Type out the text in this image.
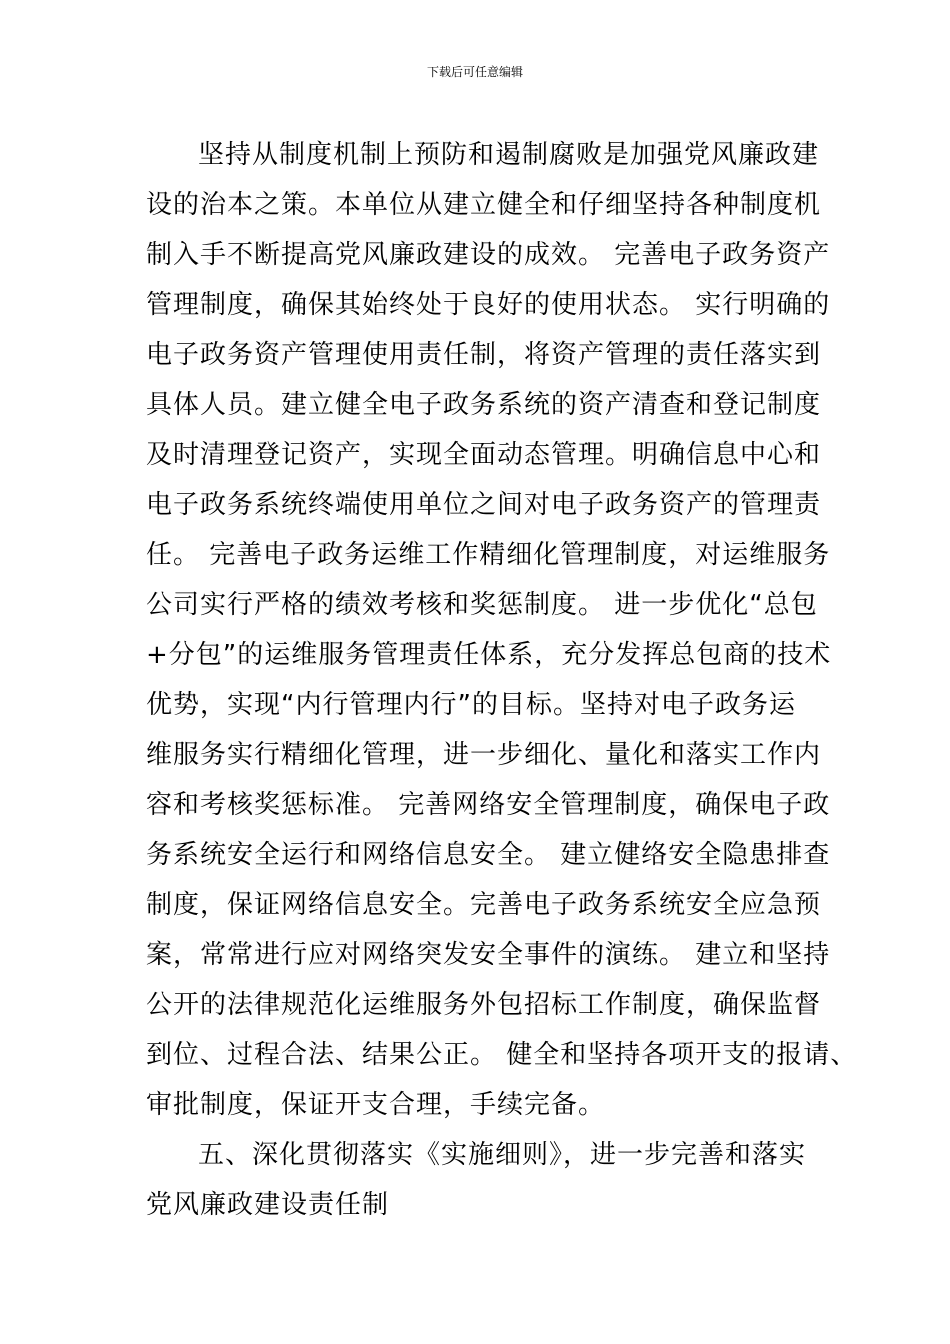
下载后可任意编辑

坚持从制度机制上预防和遏制腐败是加强党风廉政建
设的治本之策。本单位从建立健全和仔细坚持各种制度机
制入手不断提高党风廉政建设的成效。 完善电子政务资产
管理制度，确保其始终处于良好的使用状态。 实行明确的
电子政务资产管理使用责任制，将资产管理的责任落实到
具体人员。建立健全电子政务系统的资产清查和登记制度
及时清理登记资产，实现全面动态管理。明确信息中心和
电子政务系统终端使用单位之间对电子政务资产的管理责
任。 完善电子政务运维工作精细化管理制度，对运维服务
公司实行严格的绩效考核和奖惩制度。 进一步优化“总包
+分包”的运维服务管理责任体系，充分发挥总包商的技术
优势，实现“内行管理内行”的目标。坚持对电子政务运
维服务实行精细化管理，进一步细化、量化和落实工作内
容和考核奖惩标准。 完善网络安全管理制度，确保电子政
务系统安全运行和网络信息安全。 建立健络安全隐患排查
制度，保证网络信息安全。完善电子政务系统安全应急预
案，常常进行应对网络突发安全事件的演练。 建立和坚持
公开的法律规范化运维服务外包招标工作制度，确保监督
到位、过程合法、结果公正。 健全和坚持各项开支的报请、
审批制度，保证开支合理，手续完备。

五、深化贯彻落实《实施细则》，进一步完善和落实
党风廉政建设责任制
